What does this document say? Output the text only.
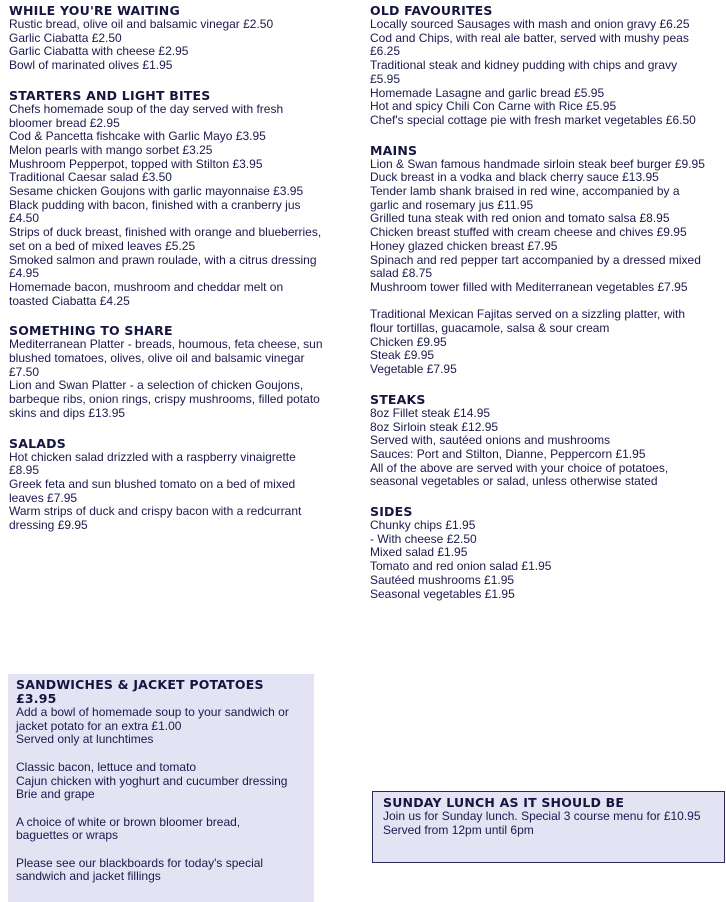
WHILE YOU'RE WAITING
Rustic bread, olive oil and balsamic vinegar £2.50
Garlic Ciabatta £2.50
Garlic Ciabatta with cheese £2.95
Bowl of marinated olives £1.95
STARTERS AND LIGHT BITES
Chefs homemade soup of the day served with fresh
bloomer bread £2.95
Cod & Pancetta fishcake with Garlic Mayo £3.95
Melon pearls with mango sorbet £3.25
Mushroom Pepperpot, topped with Stilton £3.95
Traditional Caesar salad £3.50
Sesame chicken Goujons with garlic mayonnaise £3.95
Black pudding with bacon, finished with a cranberry jus
£4.50
Strips of duck breast, finished with orange and blueberries,
set on a bed of mixed leaves £5.25
Smoked salmon and prawn roulade, with a citrus dressing
£4.95
Homemade bacon, mushroom and cheddar melt on
toasted Ciabatta £4.25
SOMETHING TO SHARE
Mediterranean Platter - breads, houmous, feta cheese, sun
blushed tomatoes, olives, olive oil and balsamic vinegar
£7.50
Lion and Swan Platter - a selection of chicken Goujons,
barbeque ribs, onion rings, crispy mushrooms, filled potato
skins and dips £13.95
SALADS
Hot chicken salad drizzled with a raspberry vinaigrette
£8.95
Greek feta and sun blushed tomato on a bed of mixed
leaves £7.95
Warm strips of duck and crispy bacon with a redcurrant
dressing £9.95
OLD FAVOURITES
Locally sourced Sausages with mash and onion gravy £6.25
Cod and Chips, with real ale batter, served with mushy peas
£6.25
Traditional steak and kidney pudding with chips and gravy
£5.95
Homemade Lasagne and garlic bread £5.95
Hot and spicy Chili Con Carne with Rice £5.95
Chef's special cottage pie with fresh market vegetables £6.50
MAINS
Lion & Swan famous handmade sirloin steak beef burger £9.95
Duck breast in a vodka and black cherry sauce £13.95
Tender lamb shank braised in red wine, accompanied by a
garlic and rosemary jus £11.95
Grilled tuna steak with red onion and tomato salsa £8.95
Chicken breast stuffed with cream cheese and chives £9.95
Honey glazed chicken breast £7.95
Spinach and red pepper tart accompanied by a dressed mixed
salad £8.75
Mushroom tower filled with Mediterranean vegetables £7.95
Traditional Mexican Fajitas served on a sizzling platter, with
flour tortillas, guacamole, salsa & sour cream
Chicken £9.95
Steak £9.95
Vegetable £7.95
STEAKS
8oz Fillet steak £14.95
8oz Sirloin steak £12.95
Served with, sautéed onions and mushrooms
Sauces: Port and Stilton, Dianne, Peppercorn £1.95
All of the above are served with your choice of potatoes,
seasonal vegetables or salad, unless otherwise stated
SIDES
Chunky chips £1.95
- With cheese £2.50
Mixed salad £1.95
Tomato and red onion salad £1.95
Sautéed mushrooms £1.95
Seasonal vegetables £1.95
SANDWICHES & JACKET POTATOES £3.95
Add a bowl of homemade soup to your sandwich or
jacket potato for an extra £1.00
Served only at lunchtimes
Classic bacon, lettuce and tomato
Cajun chicken with yoghurt and cucumber dressing
Brie and grape
A choice of white or brown bloomer bread,
baguettes or wraps
Please see our blackboards for today's special
sandwich and jacket fillings
SUNDAY LUNCH AS IT SHOULD BE
Join us for Sunday lunch. Special 3 course menu for £10.95
Served from 12pm until 6pm
